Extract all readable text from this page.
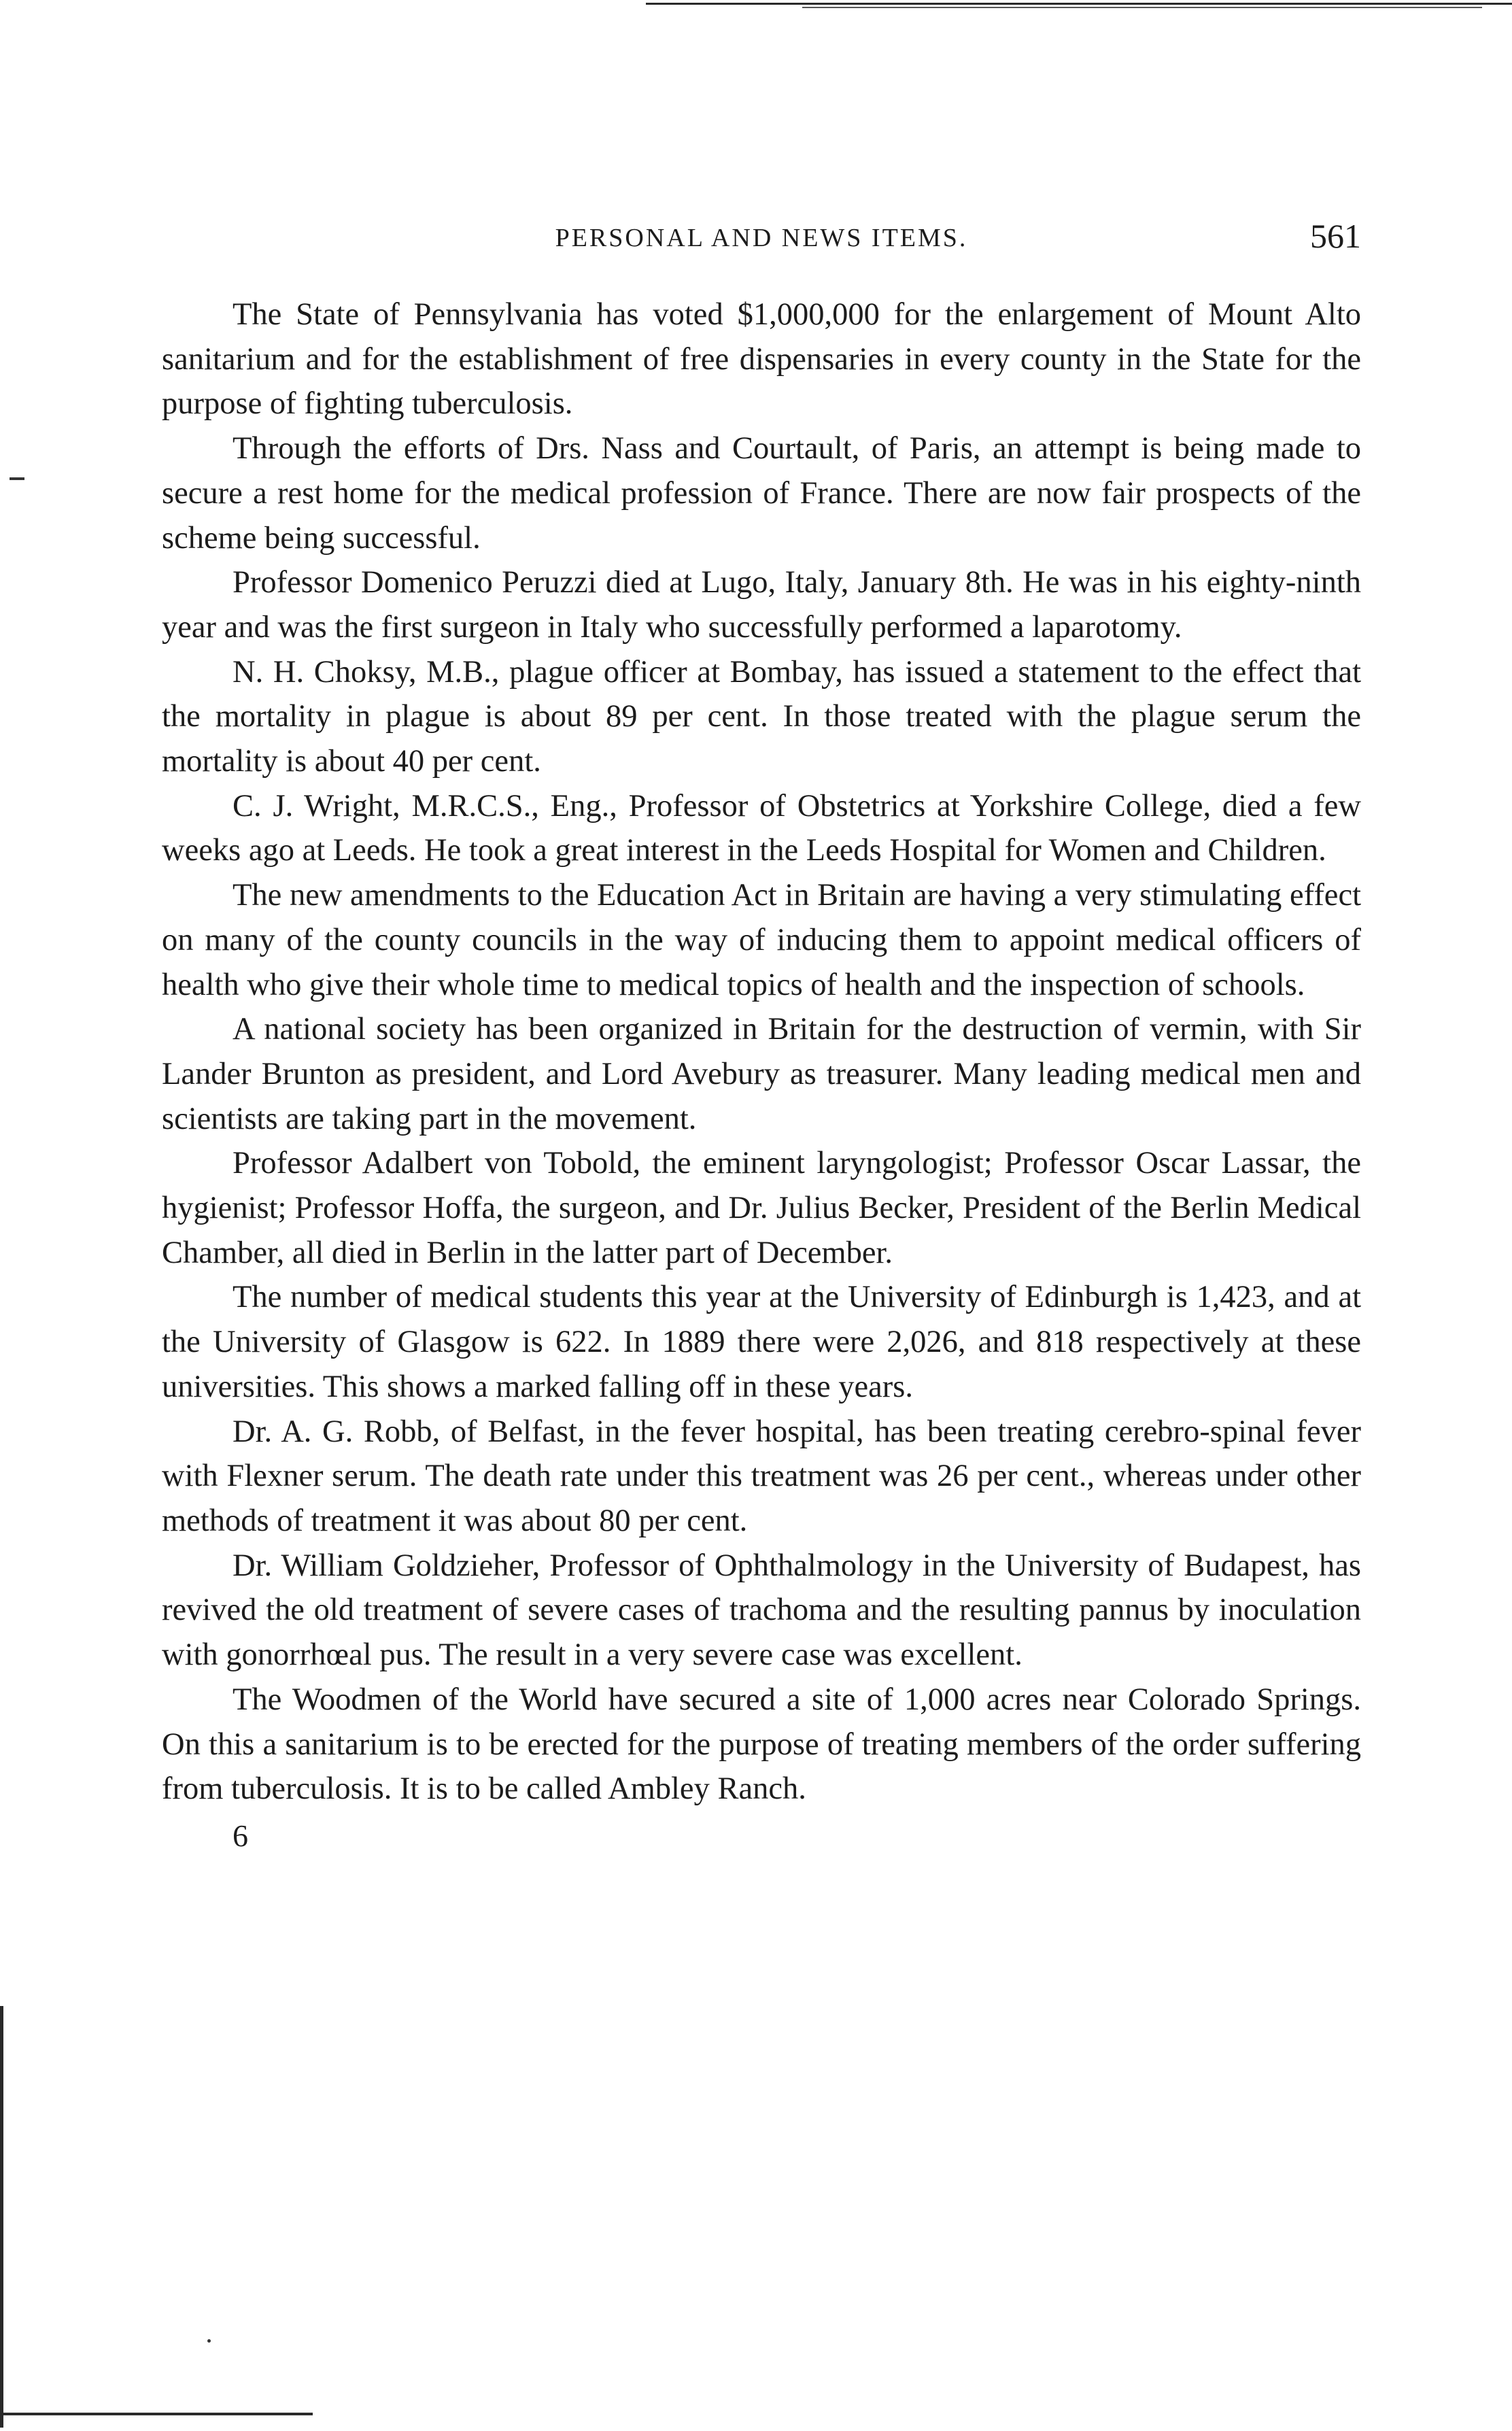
PERSONAL AND NEWS ITEMS.	561

The State of Pennsylvania has voted $1,000,000 for the enlargement of Mount Alto sanitarium and for the establishment of free dispensaries in every county in the State for the purpose of fighting tuberculosis.

Through the efforts of Drs. Nass and Courtault, of Paris, an attempt is being made to secure a rest home for the medical profession of France. There are now fair prospects of the scheme being successful.

Professor Domenico Peruzzi died at Lugo, Italy, January 8th. He was in his eighty-ninth year and was the first surgeon in Italy who successfully performed a laparotomy.

N. H. Choksy, M.B., plague officer at Bombay, has issued a statement to the effect that the mortality in plague is about 89 per cent. In those treated with the plague serum the mortality is about 40 per cent.

C. J. Wright, M.R.C.S., Eng., Professor of Obstetrics at Yorkshire College, died a few weeks ago at Leeds. He took a great interest in the Leeds Hospital for Women and Children.

The new amendments to the Education Act in Britain are having a very stimulating effect on many of the county councils in the way of inducing them to appoint medical officers of health who give their whole time to medical topics of health and the inspection of schools.

A national society has been organized in Britain for the destruction of vermin, with Sir Lander Brunton as president, and Lord Avebury as treasurer. Many leading medical men and scientists are taking part in the movement.

Professor Adalbert von Tobold, the eminent laryngologist; Professor Oscar Lassar, the hygienist; Professor Hoffa, the surgeon, and Dr. Julius Becker, President of the Berlin Medical Chamber, all died in Berlin in the latter part of December.

The number of medical students this year at the University of Edinburgh is 1,423, and at the University of Glasgow is 622. In 1889 there were 2,026, and 818 respectively at these universities. This shows a marked falling off in these years.

Dr. A. G. Robb, of Belfast, in the fever hospital, has been treating cerebro-spinal fever with Flexner serum. The death rate under this treatment was 26 per cent., whereas under other methods of treatment it was about 80 per cent.

Dr. William Goldzieher, Professor of Ophthalmology in the University of Budapest, has revived the old treatment of severe cases of trachoma and the resulting pannus by inoculation with gonorrhœal pus. The result in a very severe case was excellent.

The Woodmen of the World have secured a site of 1,000 acres near Colorado Springs. On this a sanitarium is to be erected for the purpose of treating members of the order suffering from tuberculosis. It is to be called Ambley Ranch.

6
